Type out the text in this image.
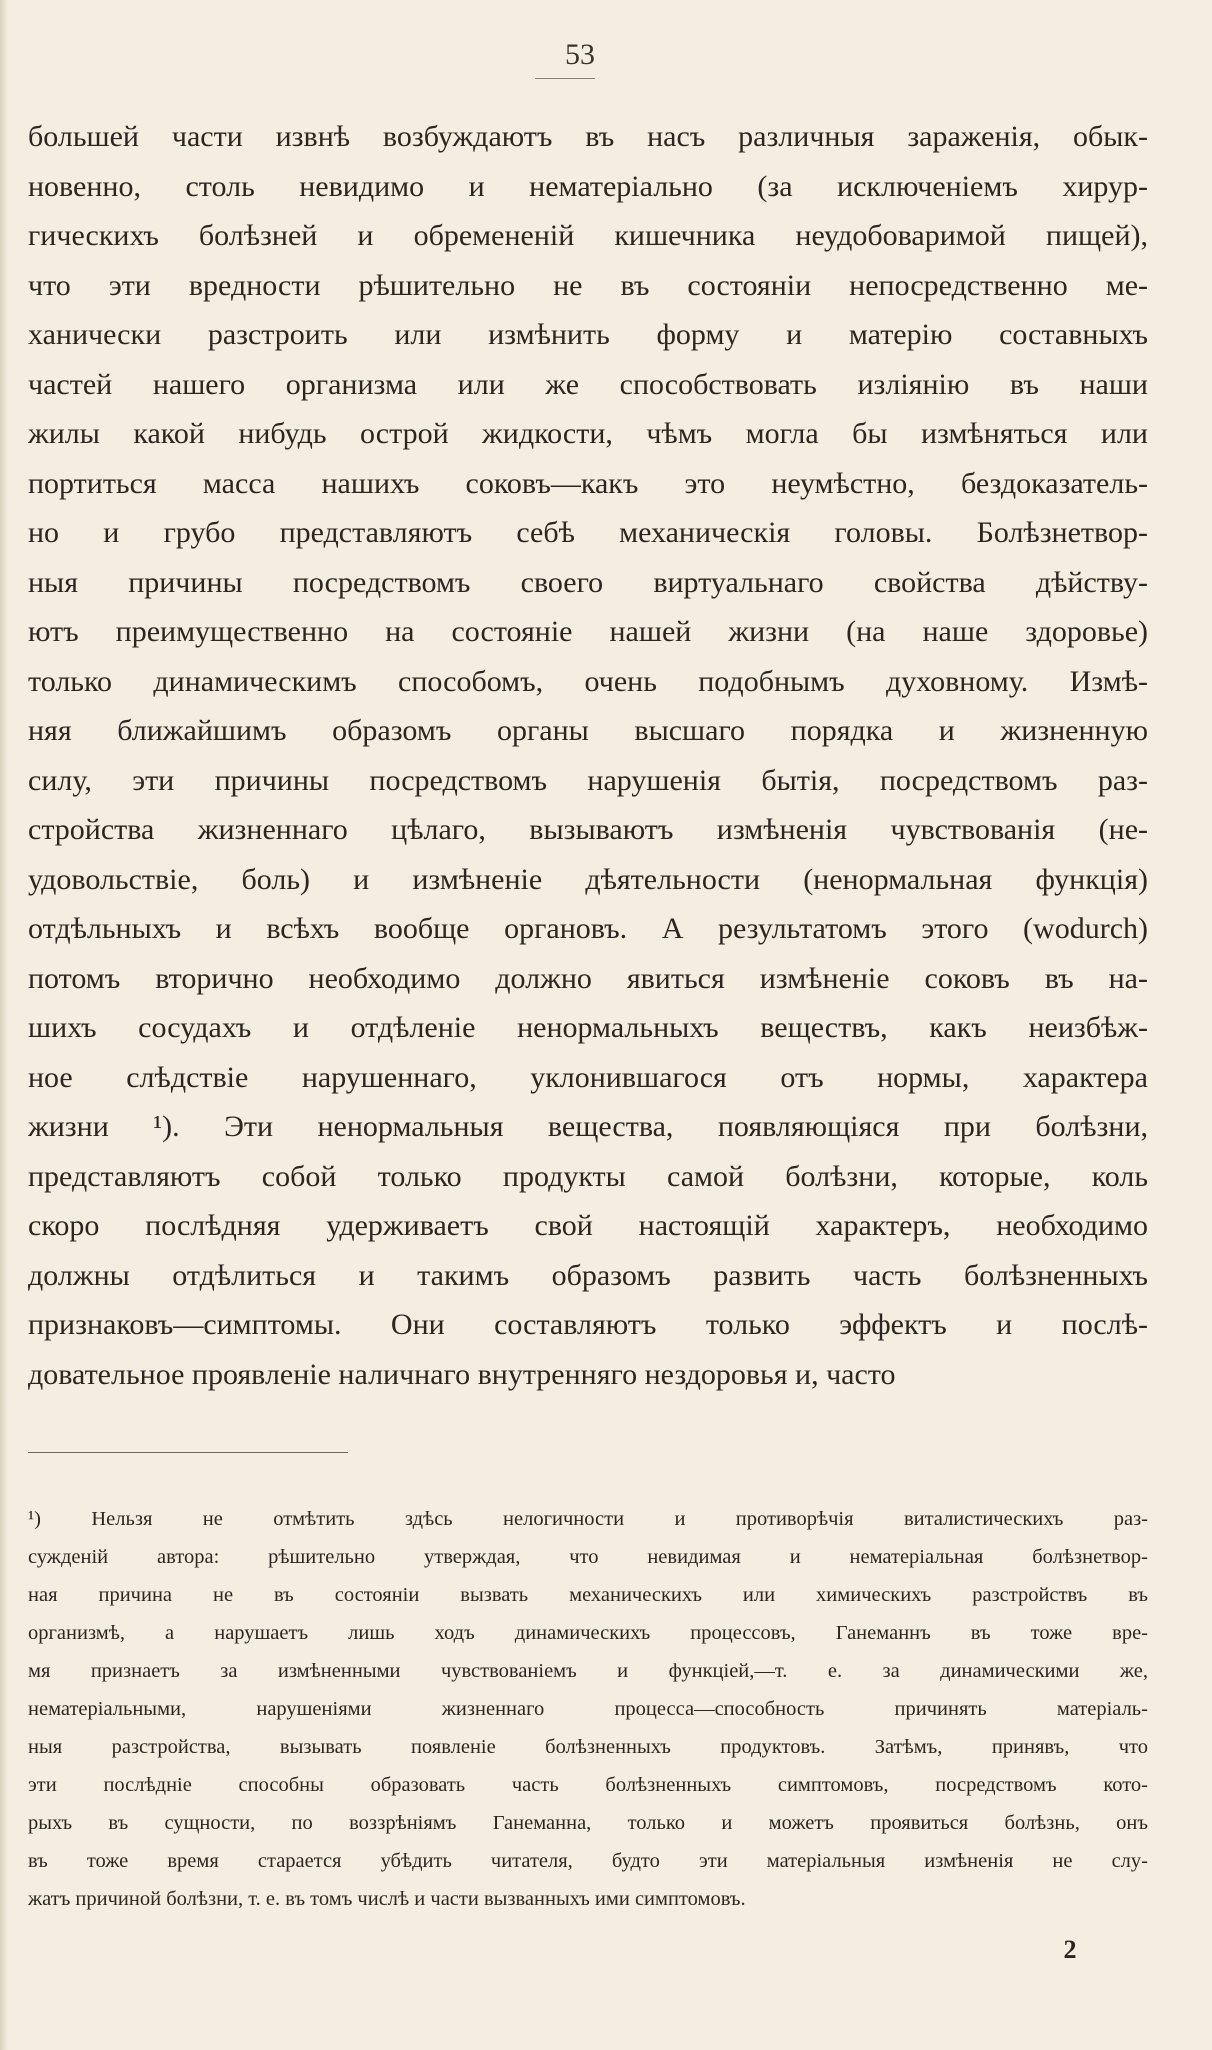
53
большей части извнѣ возбуждаютъ въ насъ различныя зараженія, обык-
новенно, столь невидимо и нематеріально (за исключеніемъ хирур-
гическихъ болѣзней и обремененій кишечника неудобоваримой пищей),
что эти вредности рѣшительно не въ состояніи непосредственно ме-
ханически разстроить или измѣнить форму и матерію составныхъ
частей нашего организма или же способствовать изліянію въ наши
жилы какой нибудь острой жидкости, чѣмъ могла бы измѣняться или
портиться масса нашихъ соковъ—какъ это неумѣстно, бездоказатель-
но и грубо представляютъ себѣ механическія головы. Болѣзнетвор-
ныя причины посредствомъ своего виртуальнаго свойства дѣйству-
ютъ преимущественно на состояніе нашей жизни (на наше здоровье)
только динамическимъ способомъ, очень подобнымъ духовному. Измѣ-
няя ближайшимъ образомъ органы высшаго порядка и жизненную
силу, эти причины посредствомъ нарушенія бытія, посредствомъ раз-
стройства жизненнаго цѣлаго, вызываютъ измѣненія чувствованія (не-
удовольствіе, боль) и измѣненіе дѣятельности (ненормальная функція)
отдѣльныхъ и всѣхъ вообще органовъ. А результатомъ этого (wodurch)
потомъ вторично необходимо должно явиться измѣненіе соковъ въ на-
шихъ сосудахъ и отдѣленіе ненормальныхъ веществъ, какъ неизбѣж-
ное слѣдствіе нарушеннаго, уклонившагося отъ нормы, характера
жизни ¹). Эти ненормальныя вещества, появляющіяся при болѣзни,
представляютъ собой только продукты самой болѣзни, которые, коль
скоро послѣдняя удерживаетъ свой настоящій характеръ, необходимо
должны отдѣлиться и такимъ образомъ развить часть болѣзненныхъ
признаковъ—симптомы. Они составляютъ только эффектъ и послѣ-
довательное проявленіе наличнаго внутренняго нездоровья и, часто
¹) Нельзя не отмѣтить здѣсь нелогичности и противорѣчія виталистическихъ раз-
сужденій автора: рѣшительно утверждая, что невидимая и нематеріальная болѣзнетвор-
ная причина не въ состояніи вызвать механическихъ или химическихъ разстройствъ въ
организмѣ, а нарушаетъ лишь ходъ динамическихъ процессовъ, Ганеманнъ въ тоже вре-
мя признаетъ за измѣненными чувствованіемъ и функціей,—т. е. за динамическими же,
нематеріальными, нарушеніями жизненнаго процесса—способность причинять матеріаль-
ныя разстройства, вызывать появленіе болѣзненныхъ продуктовъ. Затѣмъ, принявъ, что
эти послѣдніе способны образовать часть болѣзненныхъ симптомовъ, посредствомъ кото-
рыхъ въ сущности, по воззрѣніямъ Ганеманна, только и можетъ проявиться болѣзнь, онъ
въ тоже время старается убѣдить читателя, будто эти матеріальныя измѣненія не слу-
жатъ причиной болѣзни, т. е. въ томъ числѣ и части вызванныхъ ими симптомовъ.
2
